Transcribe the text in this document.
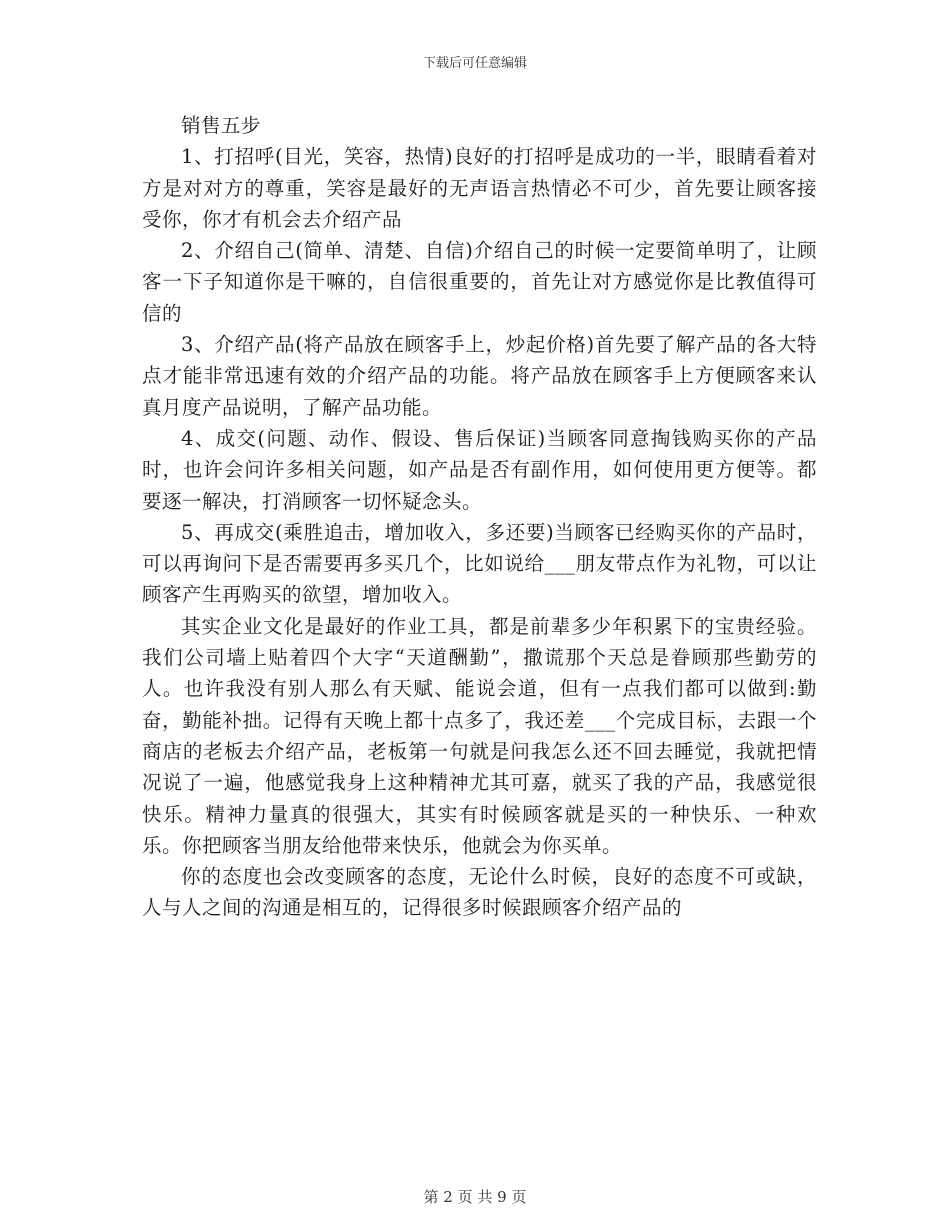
下载后可任意编辑

销售五步

1、打招呼(目光，笑容，热情)良好的打招呼是成功的一半，眼睛看着对方是对对方的尊重，笑容是最好的无声语言热情必不可少，首先要让顾客接受你，你才有机会去介绍产品

2、介绍自己(简单、清楚、自信)介绍自己的时候一定要简单明了，让顾客一下子知道你是干嘛的，自信很重要的，首先让对方感觉你是比教值得可信的

3、介绍产品(将产品放在顾客手上，炒起价格)首先要了解产品的各大特点才能非常迅速有效的介绍产品的功能。将产品放在顾客手上方便顾客来认真月度产品说明，了解产品功能。

4、成交(问题、动作、假设、售后保证)当顾客同意掏钱购买你的产品时，也许会问许多相关问题，如产品是否有副作用，如何使用更方便等。都要逐一解决，打消顾客一切怀疑念头。

5、再成交(乘胜追击，增加收入，多还要)当顾客已经购买你的产品时，可以再询问下是否需要再多买几个，比如说给___朋友带点作为礼物，可以让顾客产生再购买的欲望，增加收入。

其实企业文化是最好的作业工具，都是前辈多少年积累下的宝贵经验。我们公司墙上贴着四个大字“天道酬勤”，撒谎那个天总是眷顾那些勤劳的人。也许我没有别人那么有天赋、能说会道，但有一点我们都可以做到:勤奋，勤能补拙。记得有天晚上都十点多了，我还差___个完成目标，去跟一个商店的老板去介绍产品，老板第一句就是问我怎么还不回去睡觉，我就把情况说了一遍，他感觉我身上这种精神尤其可嘉，就买了我的产品，我感觉很快乐。精神力量真的很强大，其实有时候顾客就是买的一种快乐、一种欢乐。你把顾客当朋友给他带来快乐，他就会为你买单。

你的态度也会改变顾客的态度，无论什么时候，良好的态度不可或缺，人与人之间的沟通是相互的，记得很多时候跟顾客介绍产品的

第 2 页 共 9 页
